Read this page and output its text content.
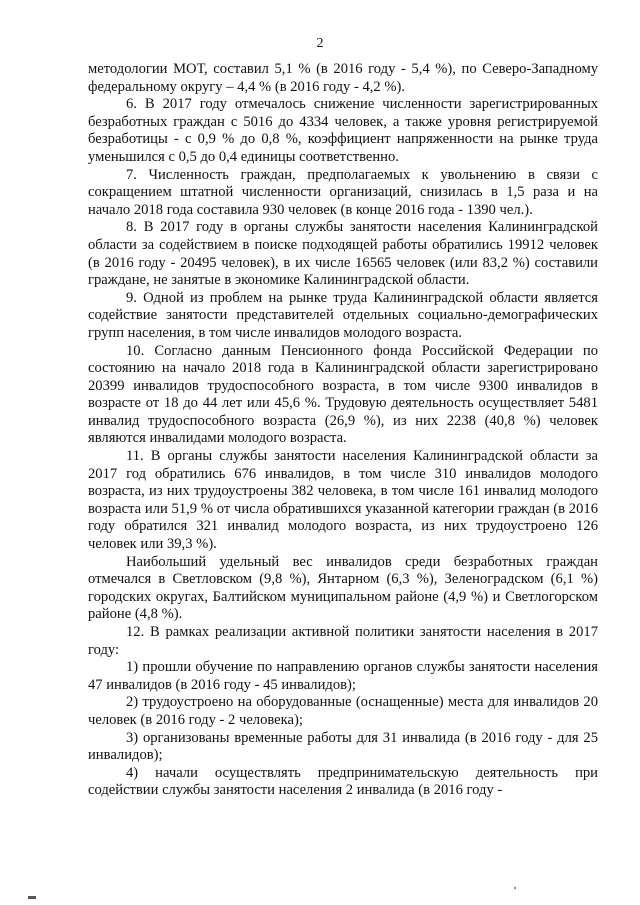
2

методологии МОТ, составил 5,1 % (в 2016 году - 5,4 %), по Северо-Западному федеральному округу – 4,4 % (в 2016 году - 4,2 %).

6. В 2017 году отмечалось снижение численности зарегистрированных безработных граждан с 5016 до 4334 человек, а также уровня регистрируемой безработицы - с 0,9 % до 0,8 %, коэффициент напряженности на рынке труда уменьшился с 0,5 до 0,4 единицы соответственно.

7. Численность граждан, предполагаемых к увольнению в связи с сокращением штатной численности организаций, снизилась в 1,5 раза и на начало 2018 года составила 930 человек (в конце 2016 года - 1390 чел.).

8. В 2017 году в органы службы занятости населения Калининградской области за содействием в поиске подходящей работы обратились 19912 человек (в 2016 году - 20495 человек), в их числе 16565 человек (или 83,2 %) составили граждане, не занятые в экономике Калининградской области.

9. Одной из проблем на рынке труда Калининградской области является содействие занятости представителей отдельных социально-демографических групп населения, в том числе инвалидов молодого возраста.

10. Согласно данным Пенсионного фонда Российской Федерации по состоянию на начало 2018 года в Калининградской области зарегистрировано 20399 инвалидов трудоспособного возраста, в том числе 9300 инвалидов в возрасте от 18 до 44 лет или 45,6 %. Трудовую деятельность осуществляет 5481 инвалид трудоспособного возраста (26,9 %), из них 2238 (40,8 %) человек являются инвалидами молодого возраста.

11. В органы службы занятости населения Калининградской области за 2017 год обратились 676 инвалидов, в том числе 310 инвалидов молодого возраста, из них трудоустроены 382 человека, в том числе 161 инвалид молодого возраста или 51,9 % от числа обратившихся указанной категории граждан (в 2016 году обратился 321 инвалид молодого возраста, из них трудоустроено 126 человек или 39,3 %).

Наибольший удельный вес инвалидов среди безработных граждан отмечался в Светловском (9,8 %), Янтарном (6,3 %), Зеленоградском (6,1 %) городских округах, Балтийском муниципальном районе (4,9 %) и Светлогорском районе (4,8 %).

12. В рамках реализации активной политики занятости населения в 2017 году:

1) прошли обучение по направлению органов службы занятости населения 47 инвалидов (в 2016 году - 45 инвалидов);

2) трудоустроено на оборудованные (оснащенные) места для инвалидов 20 человек (в 2016 году - 2 человека);

3) организованы временные работы для 31 инвалида (в 2016 году - для 25 инвалидов);

4) начали осуществлять предпринимательскую деятельность при содействии службы занятости населения 2 инвалида (в 2016 году -
